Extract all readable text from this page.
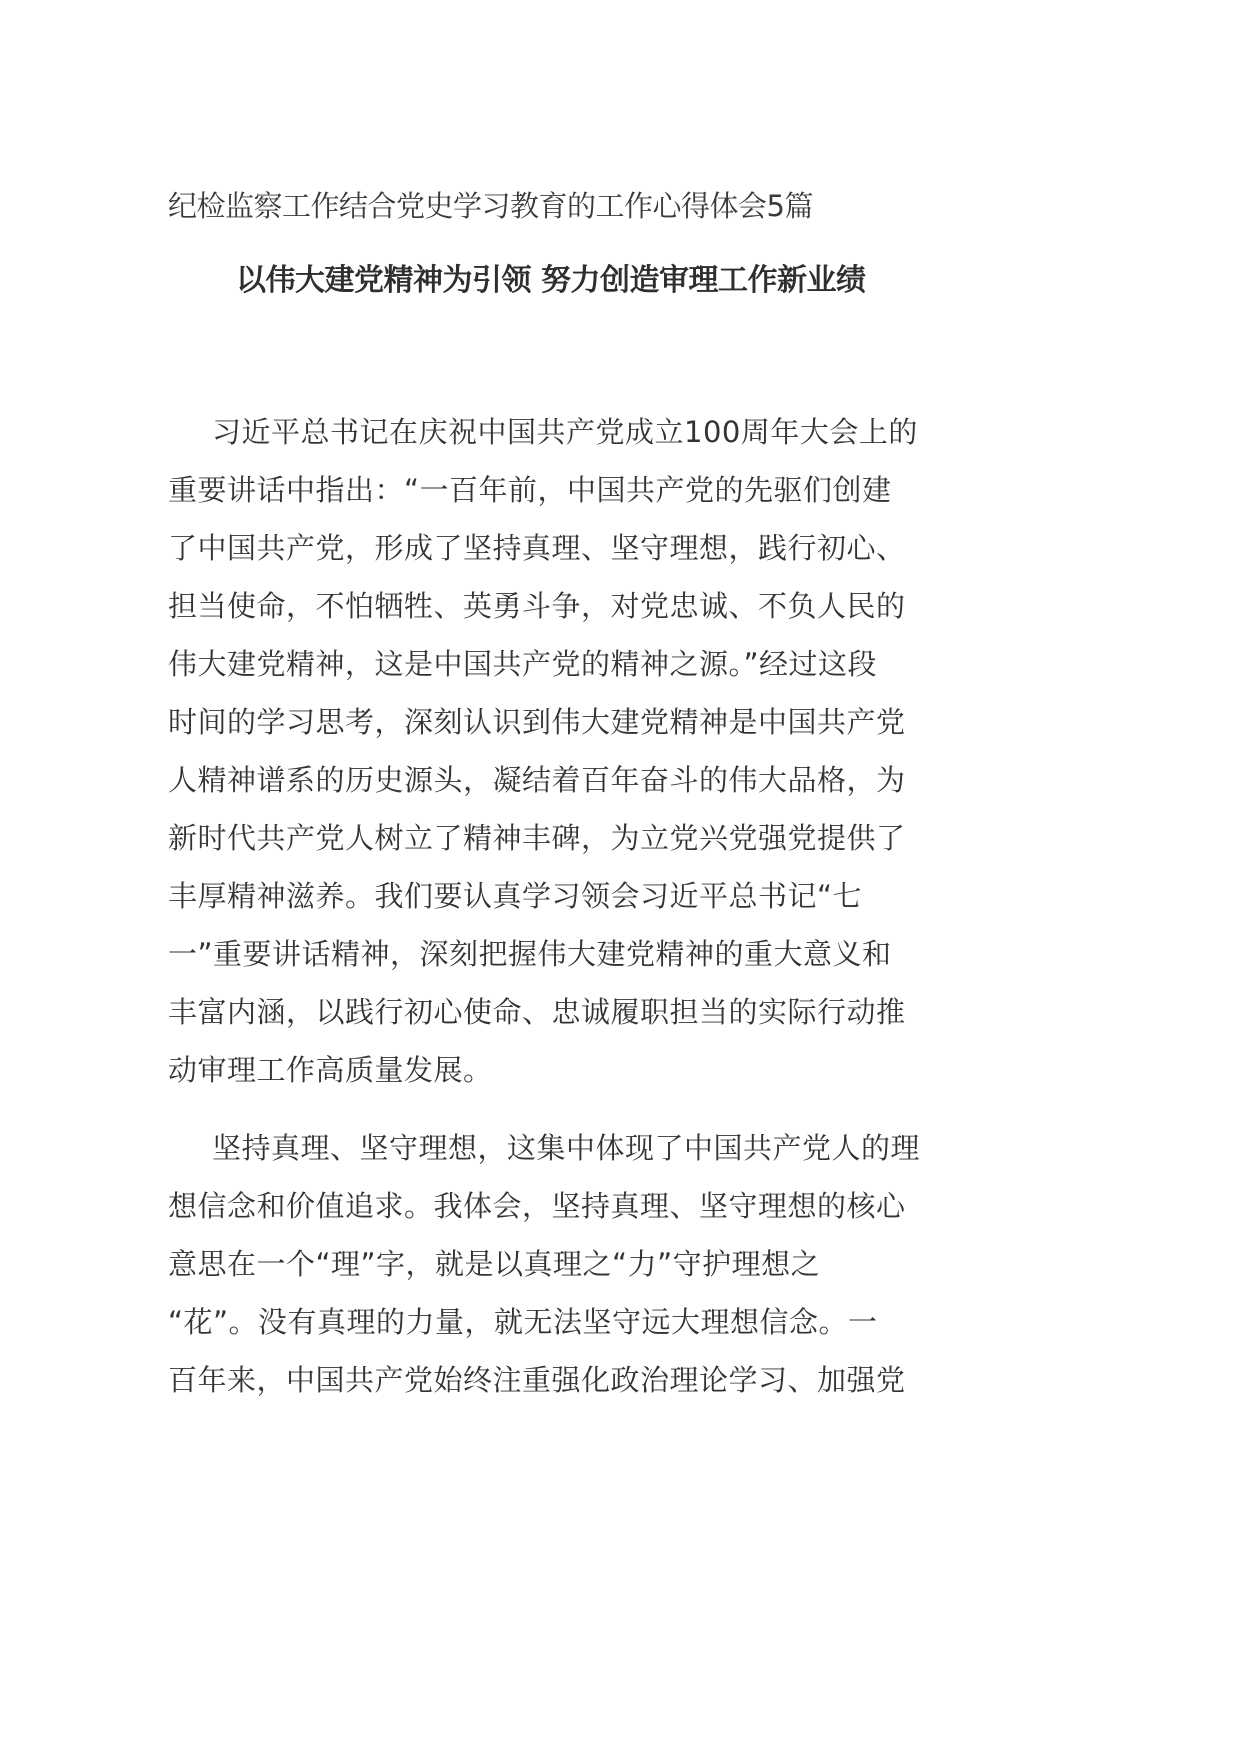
纪检监察工作结合党史学习教育的工作心得体会5篇
以伟大建党精神为引领 努力创造审理工作新业绩
习近平总书记在庆祝中国共产党成立100周年大会上的
重要讲话中指出：“一百年前，中国共产党的先驱们创建
了中国共产党，形成了坚持真理、坚守理想，践行初心、
担当使命，不怕牺牲、英勇斗争，对党忠诚、不负人民的
伟大建党精神，这是中国共产党的精神之源。”经过这段
时间的学习思考，深刻认识到伟大建党精神是中国共产党
人精神谱系的历史源头，凝结着百年奋斗的伟大品格，为
新时代共产党人树立了精神丰碑，为立党兴党强党提供了
丰厚精神滋养。我们要认真学习领会习近平总书记“七
一”重要讲话精神，深刻把握伟大建党精神的重大意义和
丰富内涵，以践行初心使命、忠诚履职担当的实际行动推
动审理工作高质量发展。
坚持真理、坚守理想，这集中体现了中国共产党人的理
想信念和价值追求。我体会，坚持真理、坚守理想的核心
意思在一个“理”字，就是以真理之“力”守护理想之
“花”。没有真理的力量，就无法坚守远大理想信念。一
百年来，中国共产党始终注重强化政治理论学习、加强党
